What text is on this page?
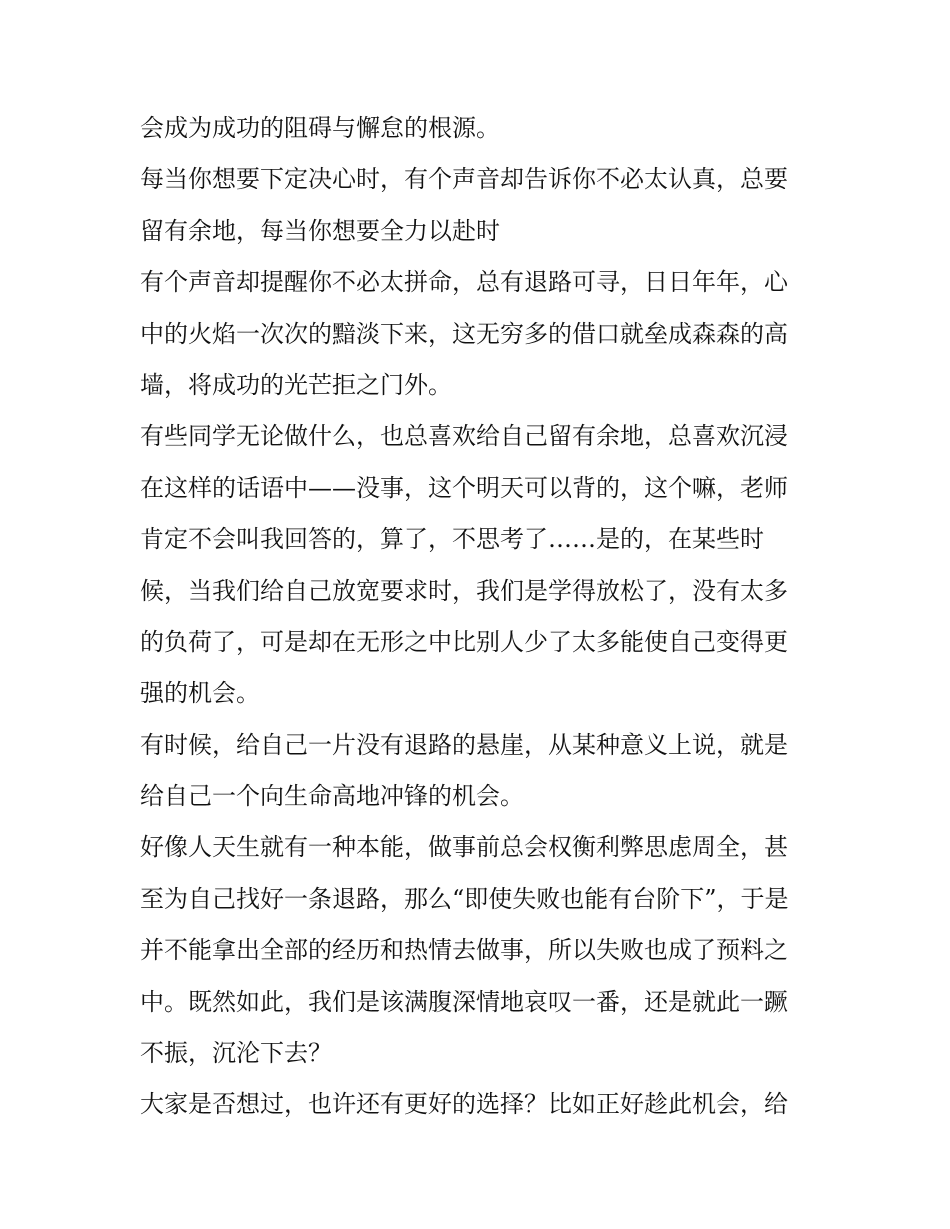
会成为成功的阻碍与懈怠的根源。
每当你想要下定决心时，有个声音却告诉你不必太认真，总要
留有余地，每当你想要全力以赴时
有个声音却提醒你不必太拼命，总有退路可寻，日日年年，心
中的火焰一次次的黯淡下来，这无穷多的借口就垒成森森的高
墙，将成功的光芒拒之门外。
有些同学无论做什么，也总喜欢给自己留有余地，总喜欢沉浸
在这样的话语中——没事，这个明天可以背的，这个嘛，老师
肯定不会叫我回答的，算了，不思考了……是的，在某些时
候，当我们给自己放宽要求时，我们是学得放松了，没有太多
的负荷了，可是却在无形之中比别人少了太多能使自己变得更
强的机会。
有时候，给自己一片没有退路的悬崖，从某种意义上说，就是
给自己一个向生命高地冲锋的机会。
好像人天生就有一种本能，做事前总会权衡利弊思虑周全，甚
至为自己找好一条退路，那么“即使失败也能有台阶下”，于是
并不能拿出全部的经历和热情去做事，所以失败也成了预料之
中。既然如此，我们是该满腹深情地哀叹一番，还是就此一蹶
不振，沉沦下去？
大家是否想过，也许还有更好的选择？比如正好趁此机会，给
